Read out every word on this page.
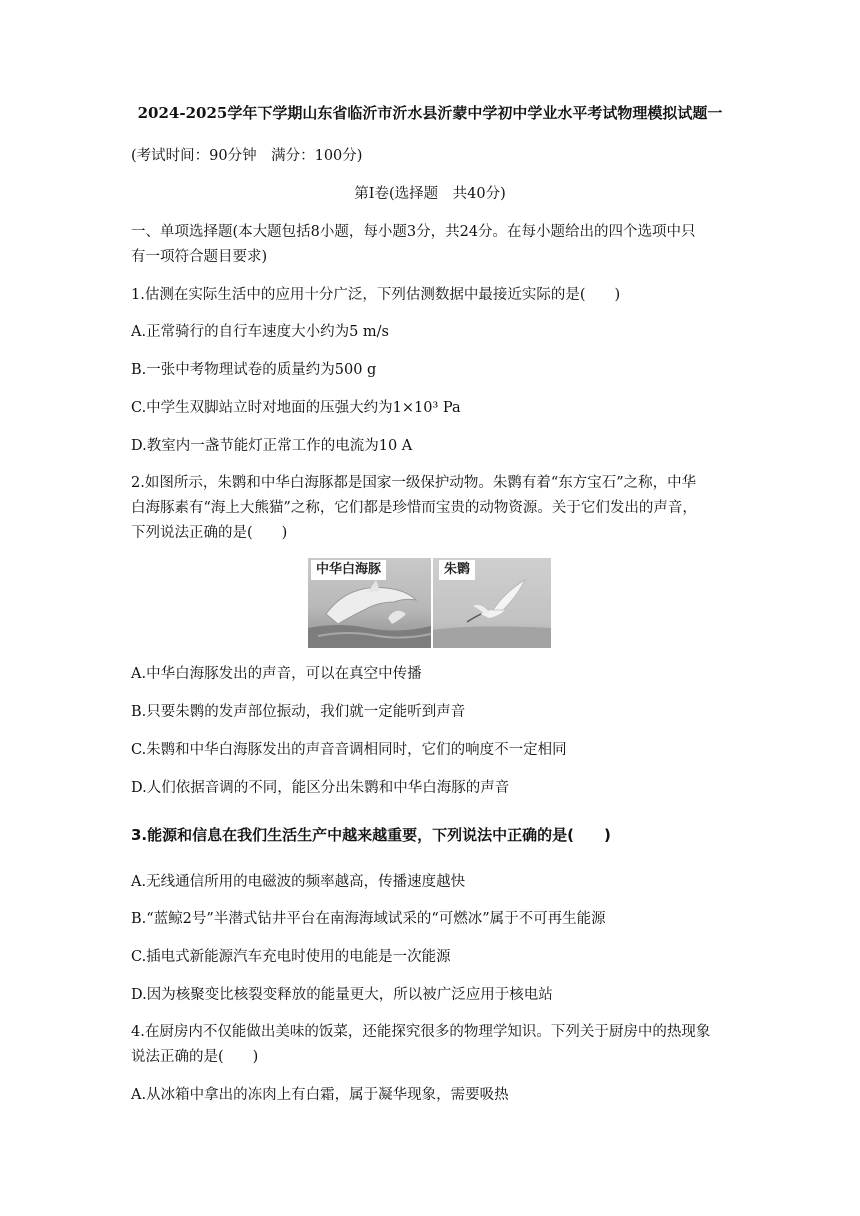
2024-2025学年下学期山东省临沂市沂水县沂蒙中学初中学业水平考试物理模拟试题一

(考试时间：90分钟　满分：100分)

第Ⅰ卷(选择题　共40分)

一、单项选择题(本大题包括8小题，每小题3分，共24分。在每小题给出的四个选项中只

有一项符合题目要求)

1.估测在实际生活中的应用十分广泛，下列估测数据中最接近实际的是(　　)

A.正常骑行的自行车速度大小约为5 m/s

B.一张中考物理试卷的质量约为500 g

C.中学生双脚站立时对地面的压强大约为1×10³ Pa

D.教室内一盏节能灯正常工作的电流为10 A

2.如图所示，朱鹮和中华白海豚都是国家一级保护动物。朱鹮有着“东方宝石”之称，中华

白海豚素有“海上大熊猫”之称，它们都是珍惜而宝贵的动物资源。关于它们发出的声音，

下列说法正确的是(　　)

中华白海豚	朱鹮

A.中华白海豚发出的声音，可以在真空中传播

B.只要朱鹮的发声部位振动，我们就一定能听到声音

C.朱鹮和中华白海豚发出的声音音调相同时，它们的响度不一定相同

D.人们依据音调的不同，能区分出朱鹮和中华白海豚的声音

3.能源和信息在我们生活生产中越来越重要，下列说法中正确的是(　　)

A.无线通信所用的电磁波的频率越高，传播速度越快

B.“蓝鲸2号”半潜式钻井平台在南海海域试采的“可燃冰”属于不可再生能源

C.插电式新能源汽车充电时使用的电能是一次能源

D.因为核聚变比核裂变释放的能量更大，所以被广泛应用于核电站

4.在厨房内不仅能做出美味的饭菜，还能探究很多的物理学知识。下列关于厨房中的热现象

说法正确的是(　　)

A.从冰箱中拿出的冻肉上有白霜，属于凝华现象，需要吸热
